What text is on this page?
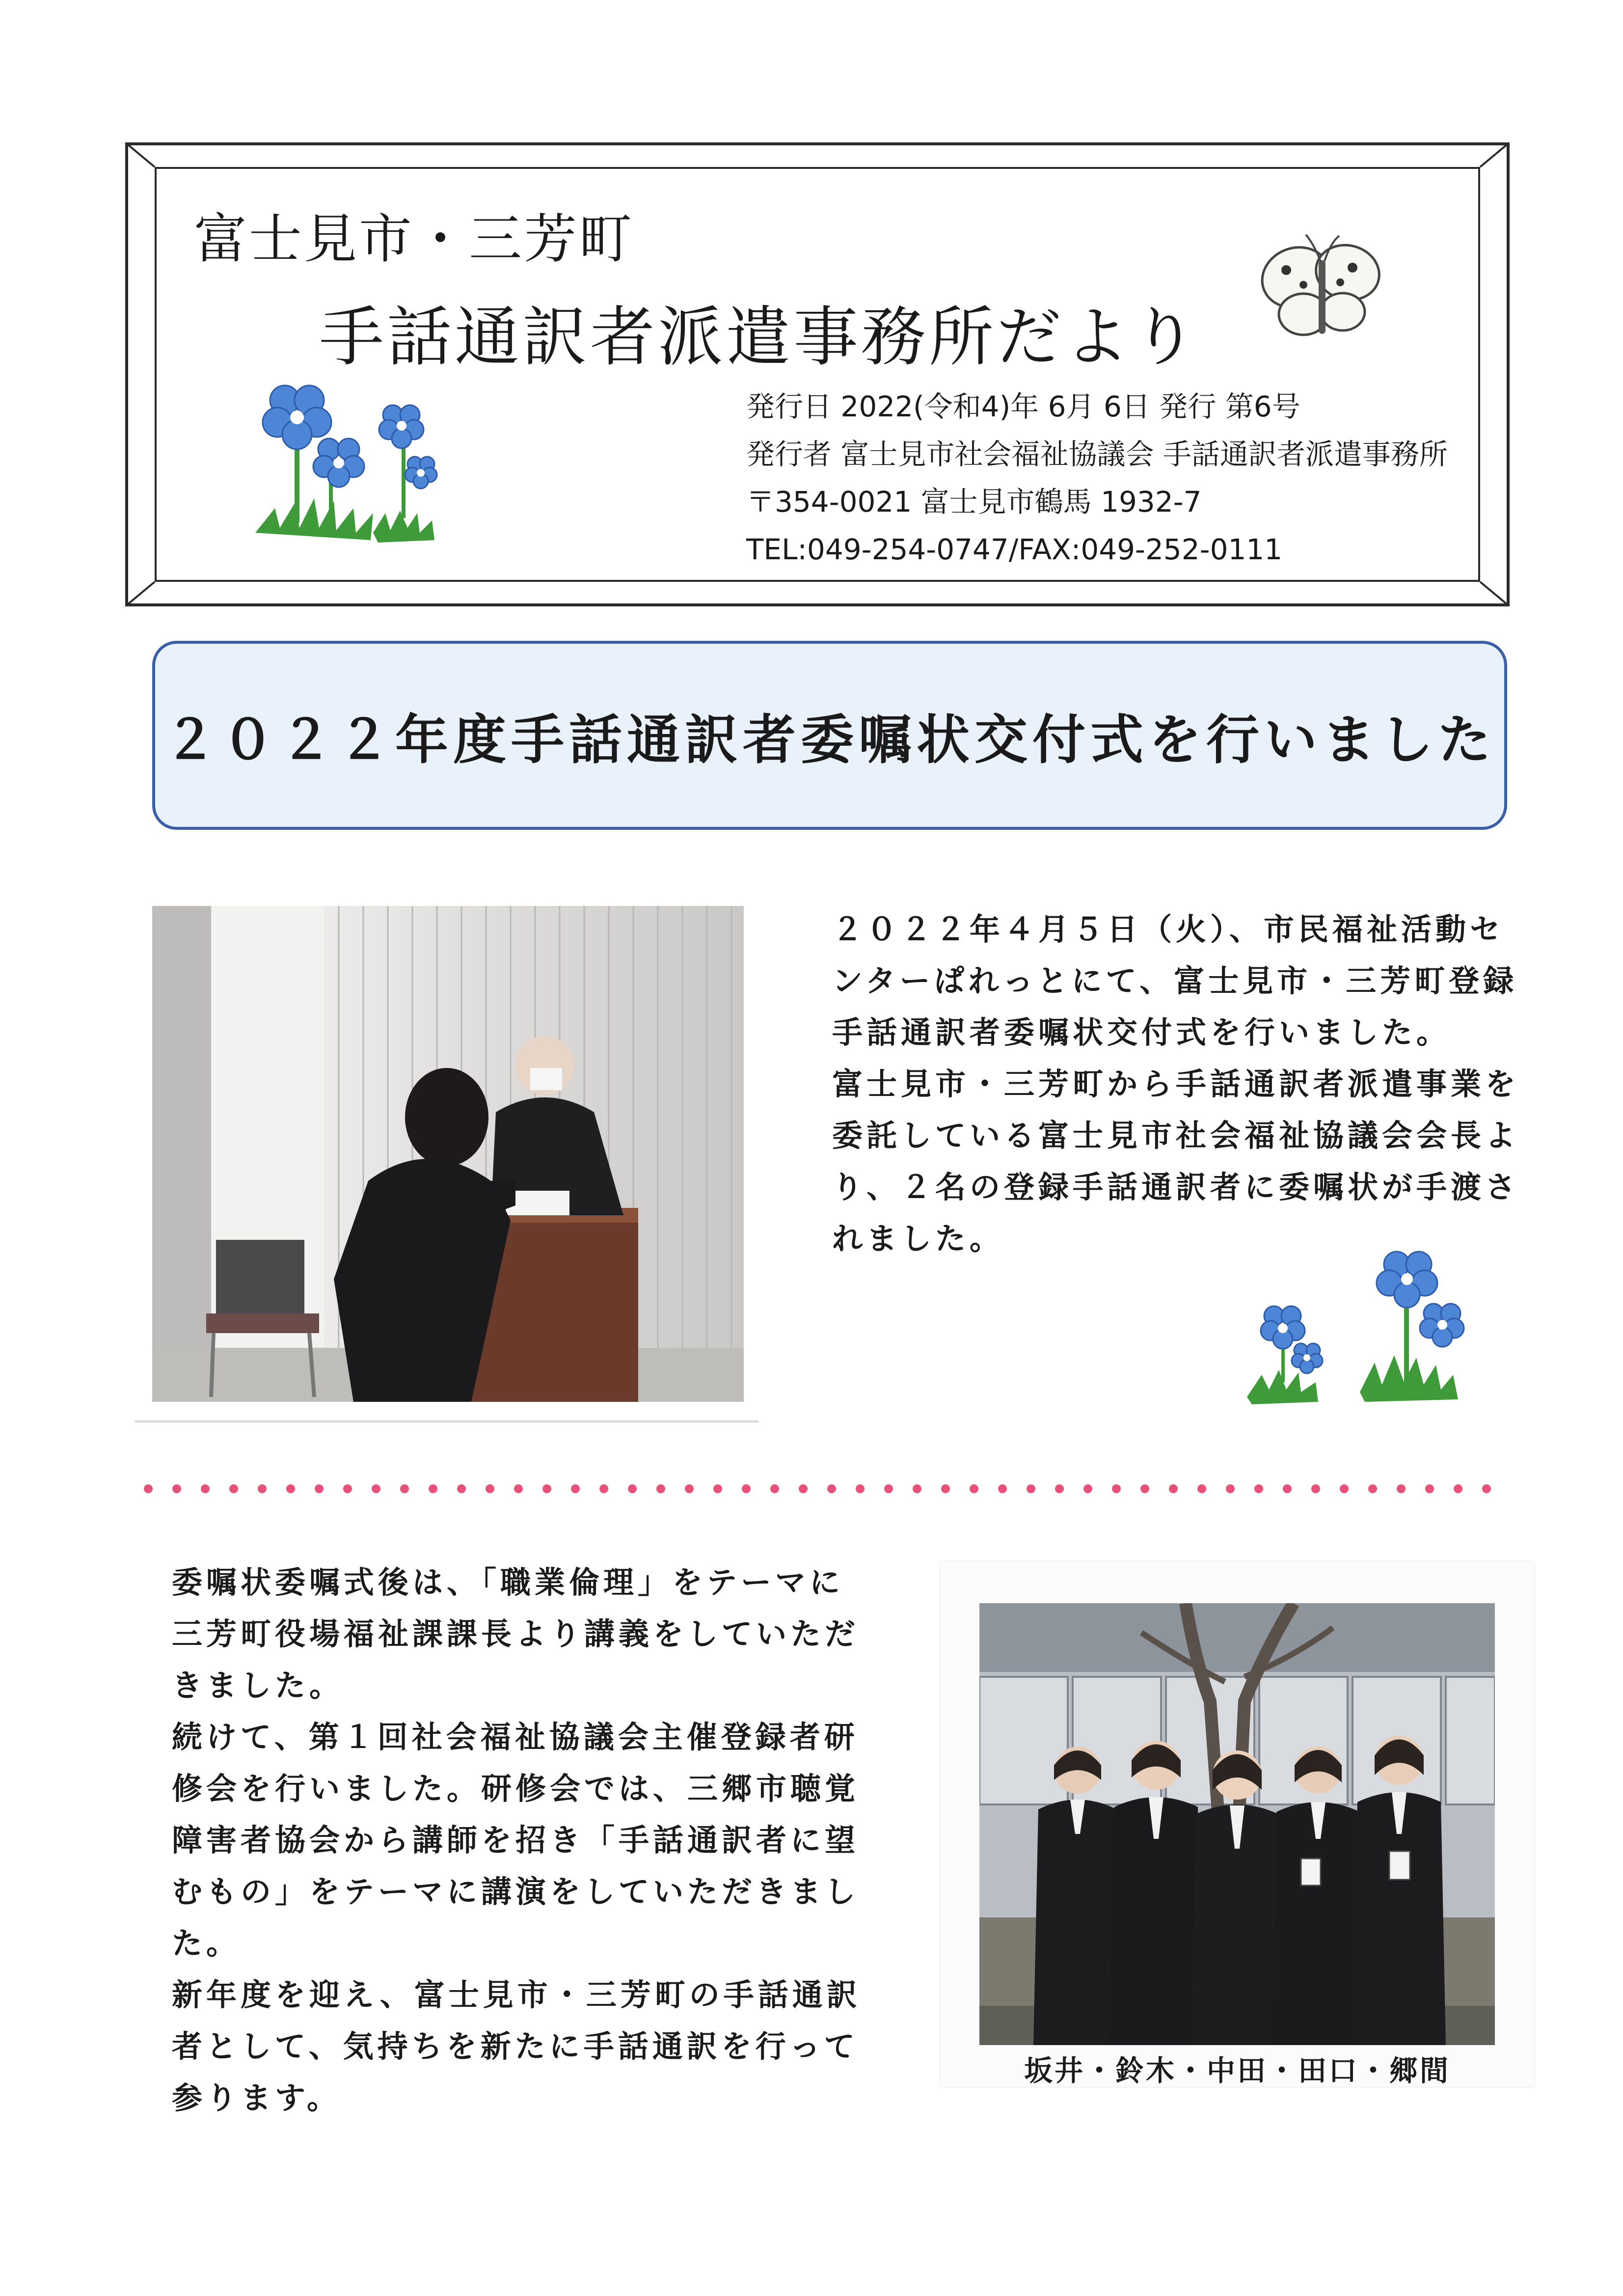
富士見市・三芳町
手話通訳者派遣事務所だより
発行日 2022(令和4)年 6月 6日 発行 第6号
発行者 富士見市社会福祉協議会 手話通訳者派遣事務所
〒354-0021 富士見市鶴馬 1932-7
TEL:049-254-0747/FAX:049-252-0111
２０２２年度手話通訳者委嘱状交付式を行いました

２０２２年４月５日（火）、市民福祉活動セ

ンターぱれっとにて、富士見市・三芳町登録

手話通訳者委嘱状交付式を行いました。

富士見市・三芳町から手話通訳者派遣事業を

委託している富士見市社会福祉協議会会長よ

り、２名の登録手話通訳者に委嘱状が手渡さ

れました。

委嘱状委嘱式後は、「職業倫理」をテーマに

三芳町役場福祉課課長より講義をしていただ

きました。

続けて、第１回社会福祉協議会主催登録者研

修会を行いました。研修会では、三郷市聴覚

障害者協会から講師を招き「手話通訳者に望

むもの」をテーマに講演をしていただきまし

た。

新年度を迎え、富士見市・三芳町の手話通訳

者として、気持ちを新たに手話通訳を行って

参ります。

坂井・鈴木・中田・田口・郷間
